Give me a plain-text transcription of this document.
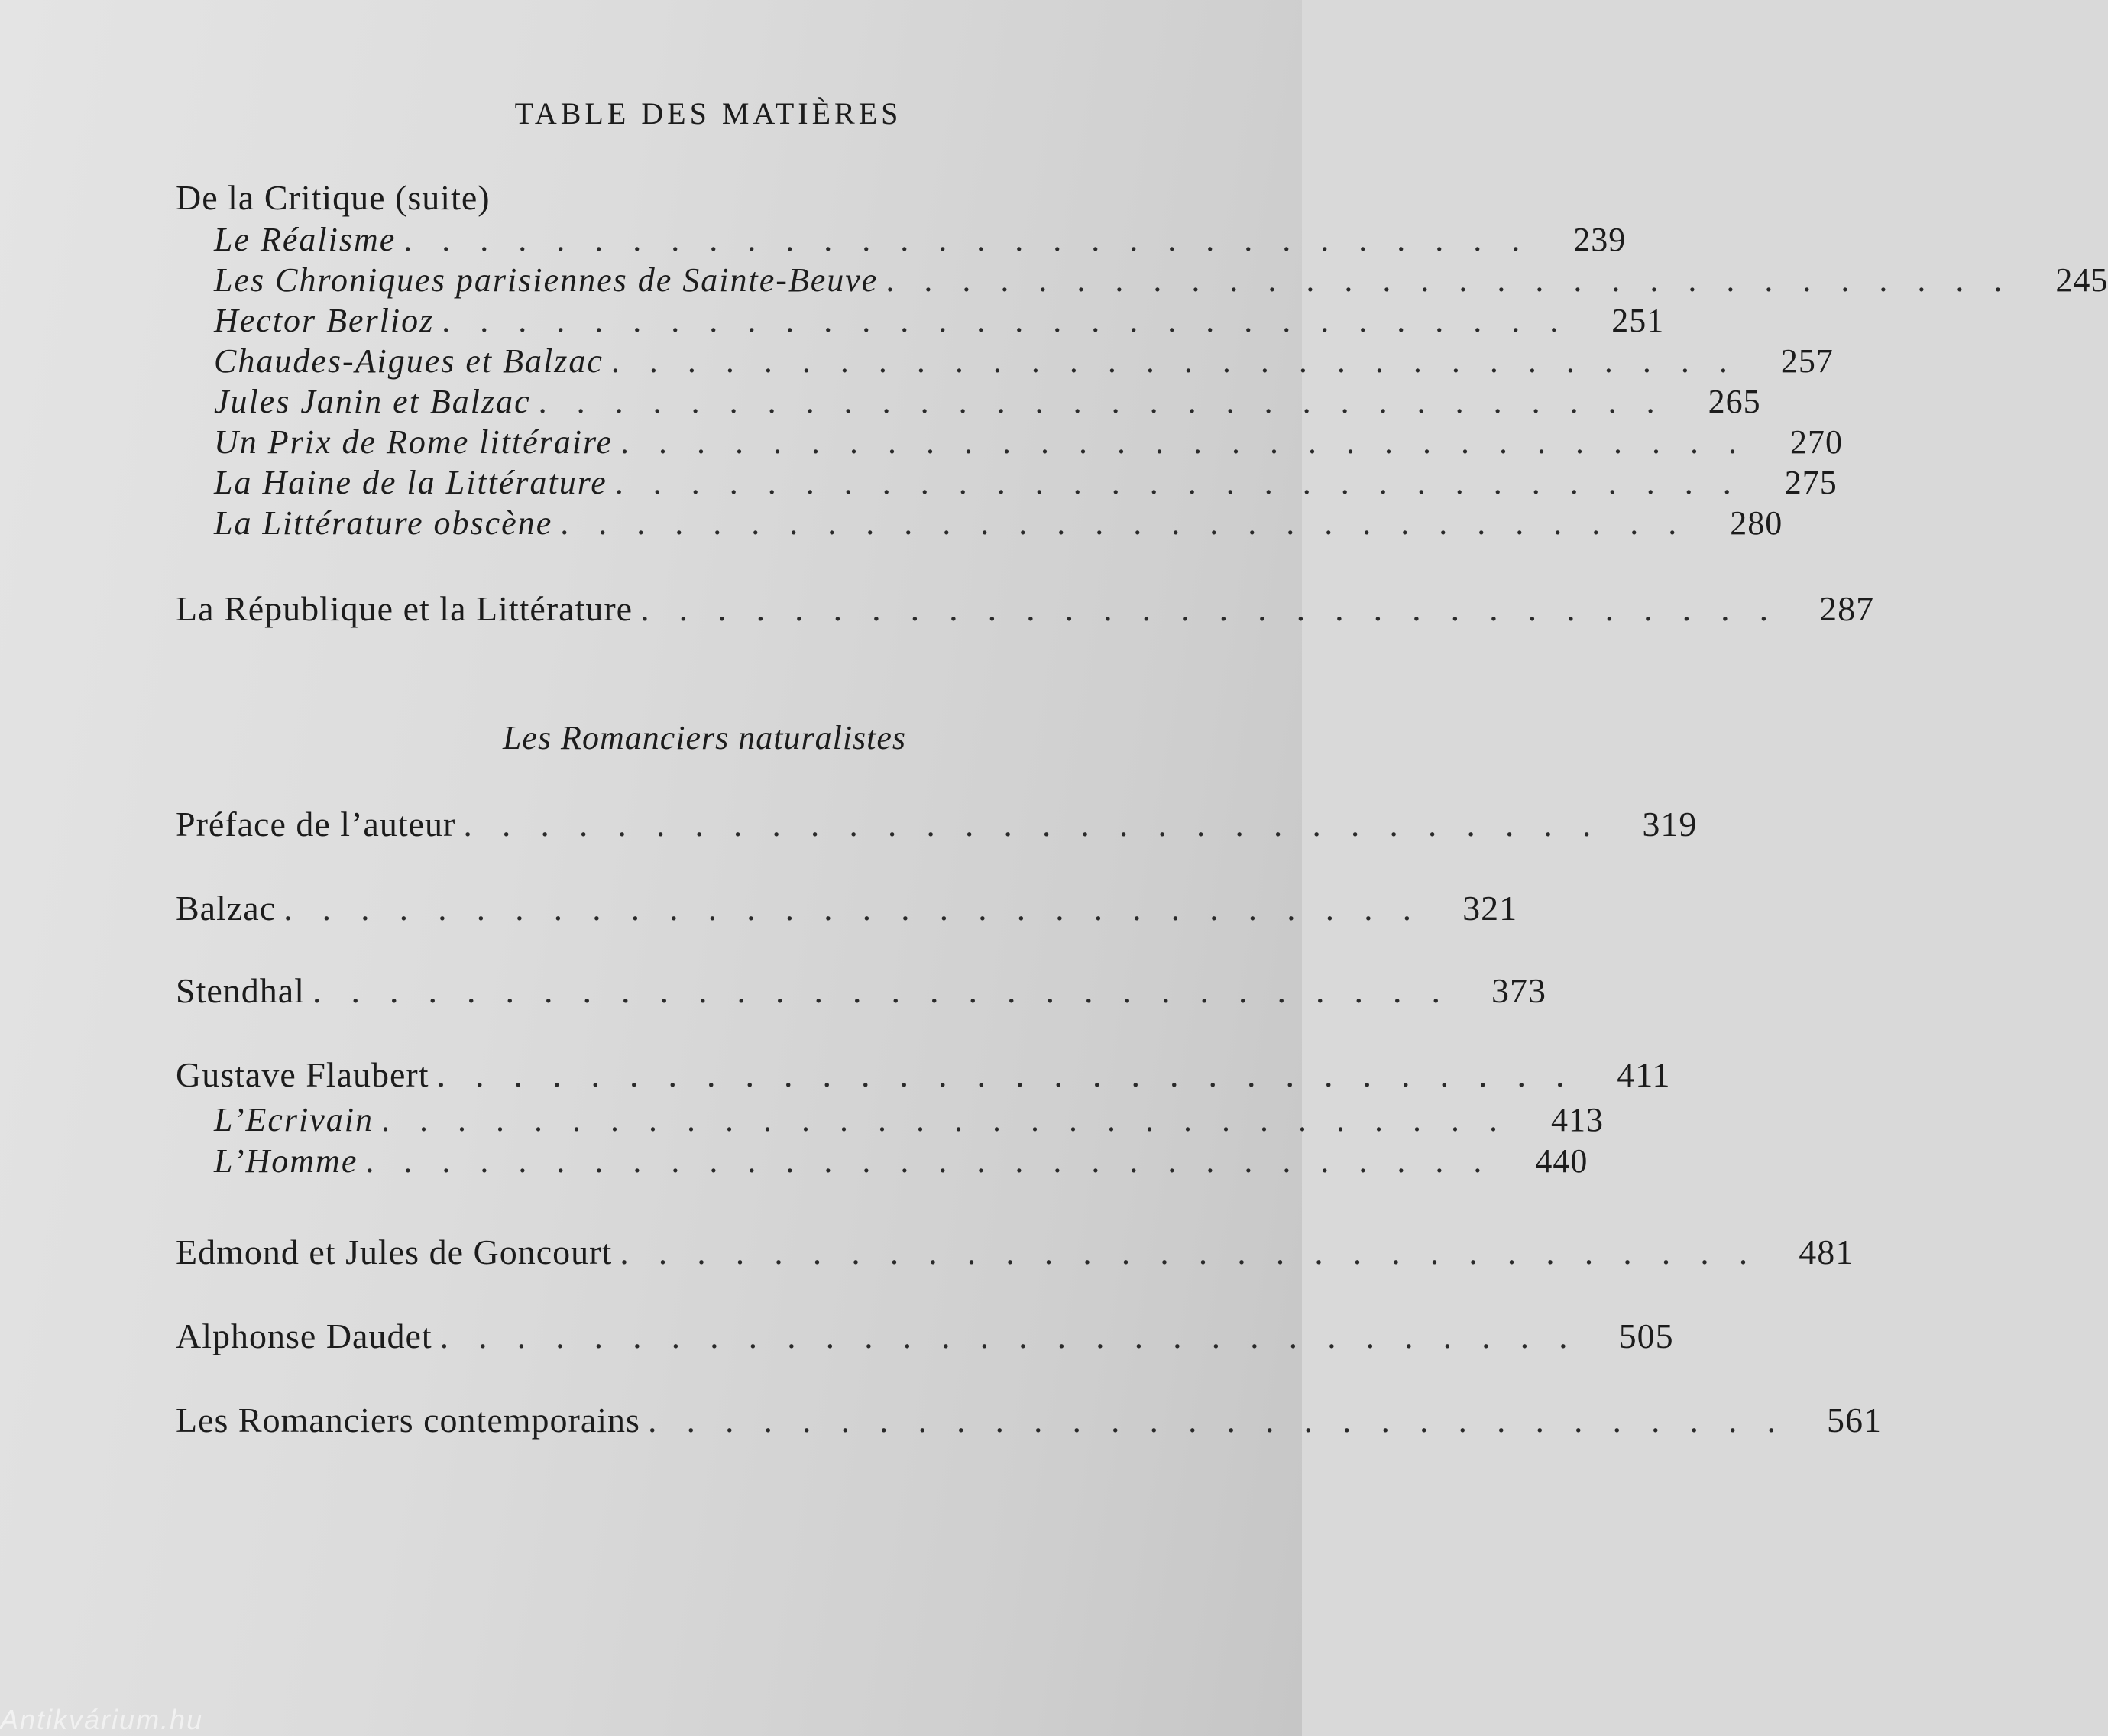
TABLE DES MATIÈRES
De la Critique (suite)
Le Réalisme .............................. 239
Les Chroniques parisiennes de Sainte-Beuve .............................. 245
Hector Berlioz .............................. 251
Chaudes-Aigues et Balzac .............................. 257
Jules Janin et Balzac .............................. 265
Un Prix de Rome littéraire .............................. 270
La Haine de la Littérature .............................. 275
La Littérature obscène .............................. 280
La République et la Littérature .............................. 287
Les Romanciers naturalistes
Préface de l’auteur .............................. 319
Balzac .............................. 321
Stendhal .............................. 373
Gustave Flaubert .............................. 411
L’Ecrivain .............................. 413
L’Homme .............................. 440
Edmond et Jules de Goncourt .............................. 481
Alphonse Daudet .............................. 505
Les Romanciers contemporains .............................. 561
Antikvárium.hu
